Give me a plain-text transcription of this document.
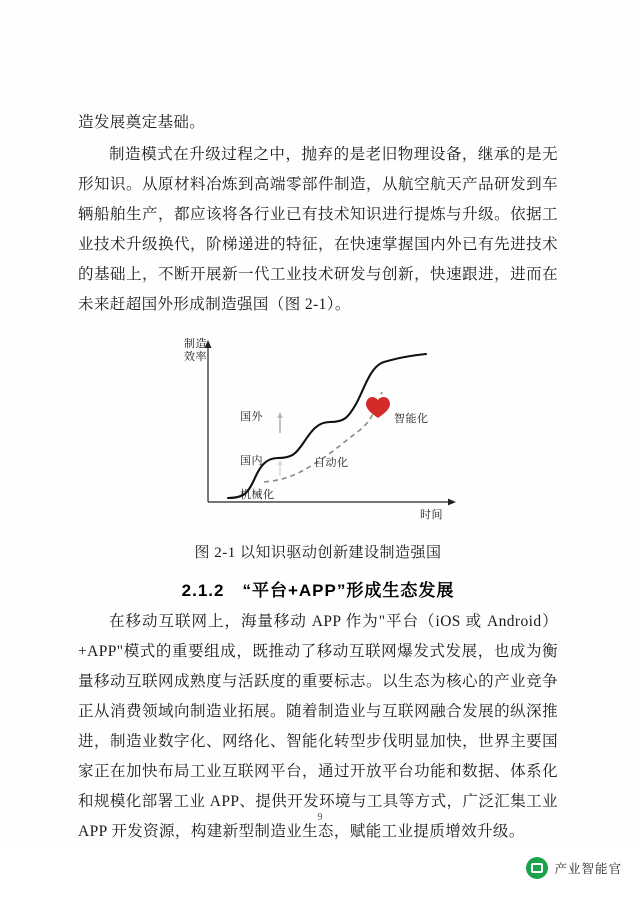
造发展奠定基础。

制造模式在升级过程之中，抛弃的是老旧物理设备，继承的是无形知识。从原材料冶炼到高端零部件制造，从航空航天产品研发到车辆船舶生产，都应该将各行业已有技术知识进行提炼与升级。依据工业技术升级换代，阶梯递进的特征，在快速掌握国内外已有先进技术的基础上，不断开展新一代工业技术研发与创新，快速跟进，进而在未来赶超国外形成制造强国（图 2-1）。

制造
效率
时间
国外
国内
智能化
自动化
机械化
图 2-1 以知识驱动创新建设制造强国
2.1.2 “平台+APP”形成生态发展

在移动互联网上，海量移动 APP 作为"平台（iOS 或 Android）+APP"模式的重要组成，既推动了移动互联网爆发式发展，也成为衡量移动互联网成熟度与活跃度的重要标志。以生态为核心的产业竞争正从消费领域向制造业拓展。随着制造业与互联网融合发展的纵深推进，制造业数字化、网络化、智能化转型步伐明显加快，世界主要国家正在加快布局工业互联网平台，通过开放平台功能和数据、体系化和规模化部署工业 APP、提供开发环境与工具等方式，广泛汇集工业 APP 开发资源，构建新型制造业生态，赋能工业提质增效升级。

9
产业智能官
